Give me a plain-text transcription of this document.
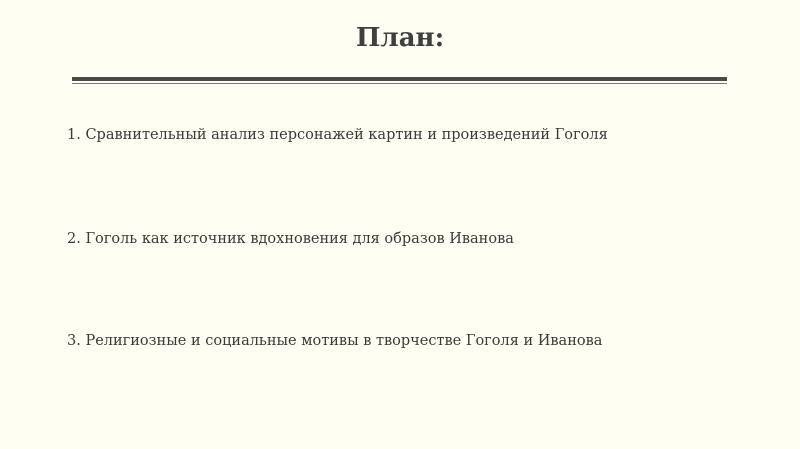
План:
1. Сравнительный анализ персонажей картин и произведений Гоголя
2. Гоголь как источник вдохновения для образов Иванова
3. Религиозные и социальные мотивы в творчестве Гоголя и Иванова
